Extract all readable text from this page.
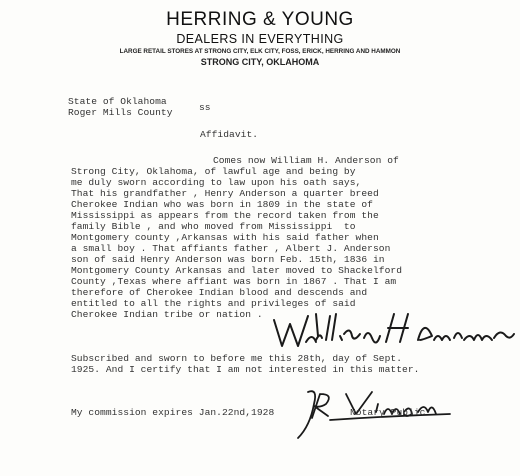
HERRING & YOUNG
DEALERS IN EVERYTHING
LARGE RETAIL STORES AT STRONG CITY, ELK CITY, FOSS, ERICK, HERRING AND HAMMON
STRONG CITY, OKLAHOMA
State of Oklahoma
Roger Mills County	ss
Affidavit.
Comes now William H. Anderson of
Strong City, Oklahoma, of lawful age and being by
me duly sworn according to law upon his oath says,
That his grandfather , Henry Anderson a quarter breed
Cherokee Indian who was born in 1809 in the state of
Mississippi as appears from the record taken from the
family Bible , and who moved from Mississippi  to
Montgomery county ,Arkansas with his said father when
a small boy . That affiants father , Albert J. Anderson
son of said Henry Anderson was born Feb. 15th, 1836 in
Montgomery County Arkansas and later moved to Shackelford
County ,Texas where affiant was born in 1867 . That I am
therefore of Cherokee Indian blood and descends and
entitled to all the rights and privileges of said
Cherokee Indian tribe or nation .
Subscribed and sworn to before me this 28th, day of Sept.
1925. And I certify that I am not interested in this matter.
My commission expires Jan.22nd,1928	Notary Public
